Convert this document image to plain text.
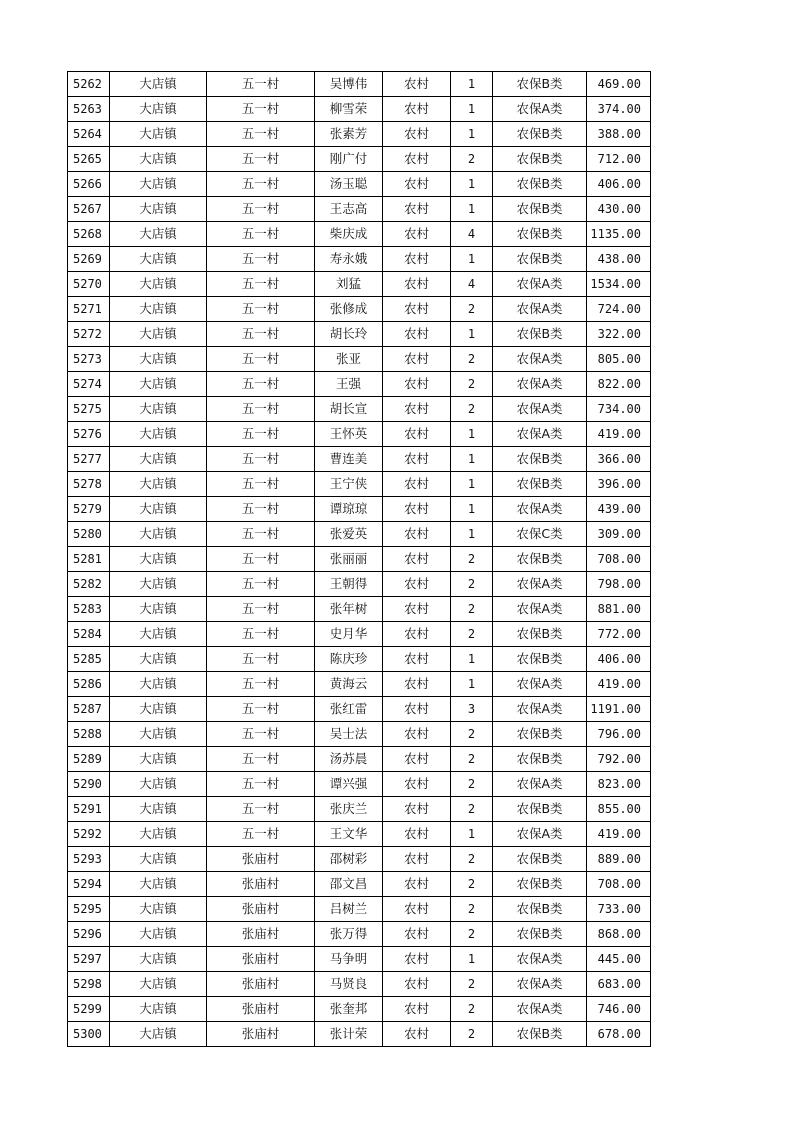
5262	大店镇	五一村	吴博伟	农村	1	农保B类	469.00
5263	大店镇	五一村	柳雪荣	农村	1	农保A类	374.00
5264	大店镇	五一村	张素芳	农村	1	农保B类	388.00
5265	大店镇	五一村	刚广付	农村	2	农保B类	712.00
5266	大店镇	五一村	汤玉聪	农村	1	农保B类	406.00
5267	大店镇	五一村	王志高	农村	1	农保B类	430.00
5268	大店镇	五一村	柴庆成	农村	4	农保B类	1135.00
5269	大店镇	五一村	寿永娥	农村	1	农保B类	438.00
5270	大店镇	五一村	刘猛	农村	4	农保A类	1534.00
5271	大店镇	五一村	张修成	农村	2	农保A类	724.00
5272	大店镇	五一村	胡长玲	农村	1	农保B类	322.00
5273	大店镇	五一村	张亚	农村	2	农保A类	805.00
5274	大店镇	五一村	王强	农村	2	农保A类	822.00
5275	大店镇	五一村	胡长宣	农村	2	农保A类	734.00
5276	大店镇	五一村	王怀英	农村	1	农保A类	419.00
5277	大店镇	五一村	曹连美	农村	1	农保B类	366.00
5278	大店镇	五一村	王宁侠	农村	1	农保B类	396.00
5279	大店镇	五一村	谭琼琼	农村	1	农保A类	439.00
5280	大店镇	五一村	张爱英	农村	1	农保C类	309.00
5281	大店镇	五一村	张丽丽	农村	2	农保B类	708.00
5282	大店镇	五一村	王朝得	农村	2	农保A类	798.00
5283	大店镇	五一村	张年树	农村	2	农保A类	881.00
5284	大店镇	五一村	史月华	农村	2	农保B类	772.00
5285	大店镇	五一村	陈庆珍	农村	1	农保B类	406.00
5286	大店镇	五一村	黄海云	农村	1	农保A类	419.00
5287	大店镇	五一村	张红雷	农村	3	农保A类	1191.00
5288	大店镇	五一村	吴士法	农村	2	农保B类	796.00
5289	大店镇	五一村	汤苏晨	农村	2	农保B类	792.00
5290	大店镇	五一村	谭兴强	农村	2	农保A类	823.00
5291	大店镇	五一村	张庆兰	农村	2	农保B类	855.00
5292	大店镇	五一村	王文华	农村	1	农保A类	419.00
5293	大店镇	张庙村	邵树彩	农村	2	农保B类	889.00
5294	大店镇	张庙村	邵文昌	农村	2	农保B类	708.00
5295	大店镇	张庙村	吕树兰	农村	2	农保B类	733.00
5296	大店镇	张庙村	张万得	农村	2	农保B类	868.00
5297	大店镇	张庙村	马争明	农村	1	农保A类	445.00
5298	大店镇	张庙村	马贤良	农村	2	农保A类	683.00
5299	大店镇	张庙村	张奎邦	农村	2	农保A类	746.00
5300	大店镇	张庙村	张计荣	农村	2	农保B类	678.00
